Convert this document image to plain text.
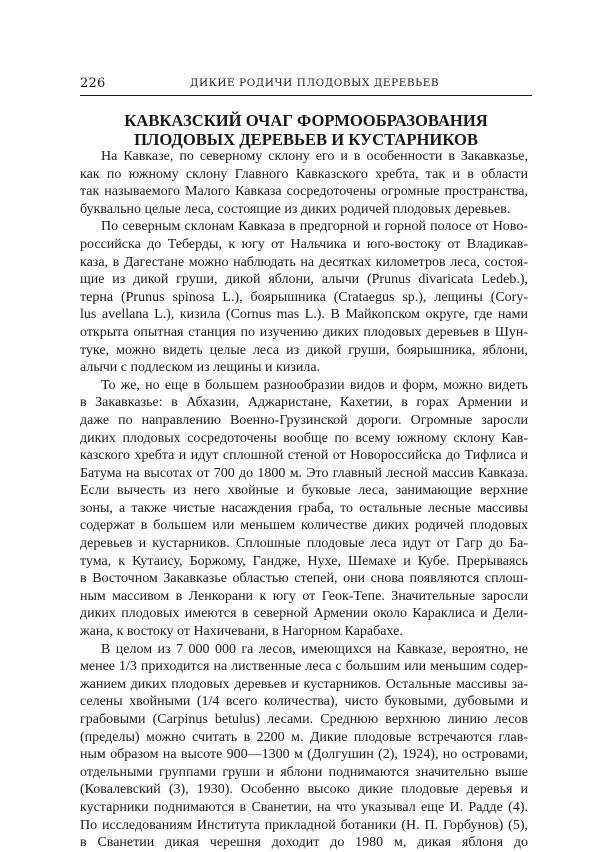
226	ДИКИЕ РОДИЧИ ПЛОДОВЫХ ДЕРЕВЬЕВ
КАВКАЗСКИЙ ОЧАГ ФОРМООБРАЗОВАНИЯ
ПЛОДОВЫХ ДЕРЕВЬЕВ И КУСТАРНИКОВ

На Кавказе, по северному склону его и в особенности в Закавказье,
как по южному склону Главного Кавказского хребта, так и в области
так называемого Малого Кавказа сосредоточены огромные пространства,
буквально целые леса, состоящие из диких родичей плодовых деревьев.

По северным склонам Кавказа в предгорной и горной полосе от Ново-
российска до Теберды, к югу от Нальчика и юго-востоку от Владикав-
каза, в Дагестане можно наблюдать на десятках километров леса, состоя-
щие из дикой груши, дикой яблони, алычи (Prunus divaricata Ledeb.),
терна (Prunus spinosa L.), боярышника (Crataegus sp.), лещины (Cory-
lus avellana L.), кизила (Cornus mas L.). В Майкопском округе, где нами
открыта опытная станция по изучению диких плодовых деревьев в Шун-
туке, можно видеть целые леса из дикой груши, боярышника, яблони,
алычи с подлеском из лещины и кизила.

То же, но еще в большем разнообразии видов и форм, можно видеть
в Закавказье: в Абхазии, Аджаристане, Кахетии, в горах Армении и
даже по направлению Военно-Грузинской дороги. Огромные заросли
диких плодовых сосредоточены вообще по всему южному склону Кав-
казского хребта и идут сплошной стеной от Новороссийска до Тифлиса и
Батума на высотах от 700 до 1800 м. Это главный лесной массив Кавказа.
Если вычесть из него хвойные и буковые леса, занимающие верхние
зоны, а также чистые насаждения граба, то остальные лесные массивы
содержат в большем или меньшем количестве диких родичей плодовых
деревьев и кустарников. Сплошные плодовые леса идут от Гагр до Ба-
тума, к Кутаису, Боржому, Гандже, Нухе, Шемахе и Кубе. Прерываясь
в Восточном Закавказье областью степей, они снова появляются сплош-
ным массивом в Ленкорани к югу от Геок-Тепе. Значительные заросли
диких плодовых имеются в северной Армении около Караклиса и Дели-
жана, к востоку от Нахичевани, в Нагорном Карабахе.

В целом из 7 000 000 га лесов, имеющихся на Кавказе, вероятно, не
менее 1/3 приходится на лиственные леса с большим или меньшим содер-
жанием диких плодовых деревьев и кустарников. Остальные массивы за-
селены хвойными (1/4 всего количества), чисто буковыми, дубовыми и
грабовыми (Carpinus betulus) лесами. Среднюю верхнюю линию лесов
(пределы) можно считать в 2200 м. Дикие плодовые встречаются глав-
ным образом на высоте 900—1300 м (Долгушин (2), 1924), но островами,
отдельными группами груши и яблони поднимаются значительно выше
(Ковалевский (3), 1930). Особенно высоко дикие плодовые деревья и
кустарники поднимаются в Сванетии, на что указывал еще И. Радде (4).
По исследованиям Института прикладной ботаники (Н. П. Горбунов) (5),
в Сванетии дикая черешня доходит до 1980 м, дикая яблоня до
